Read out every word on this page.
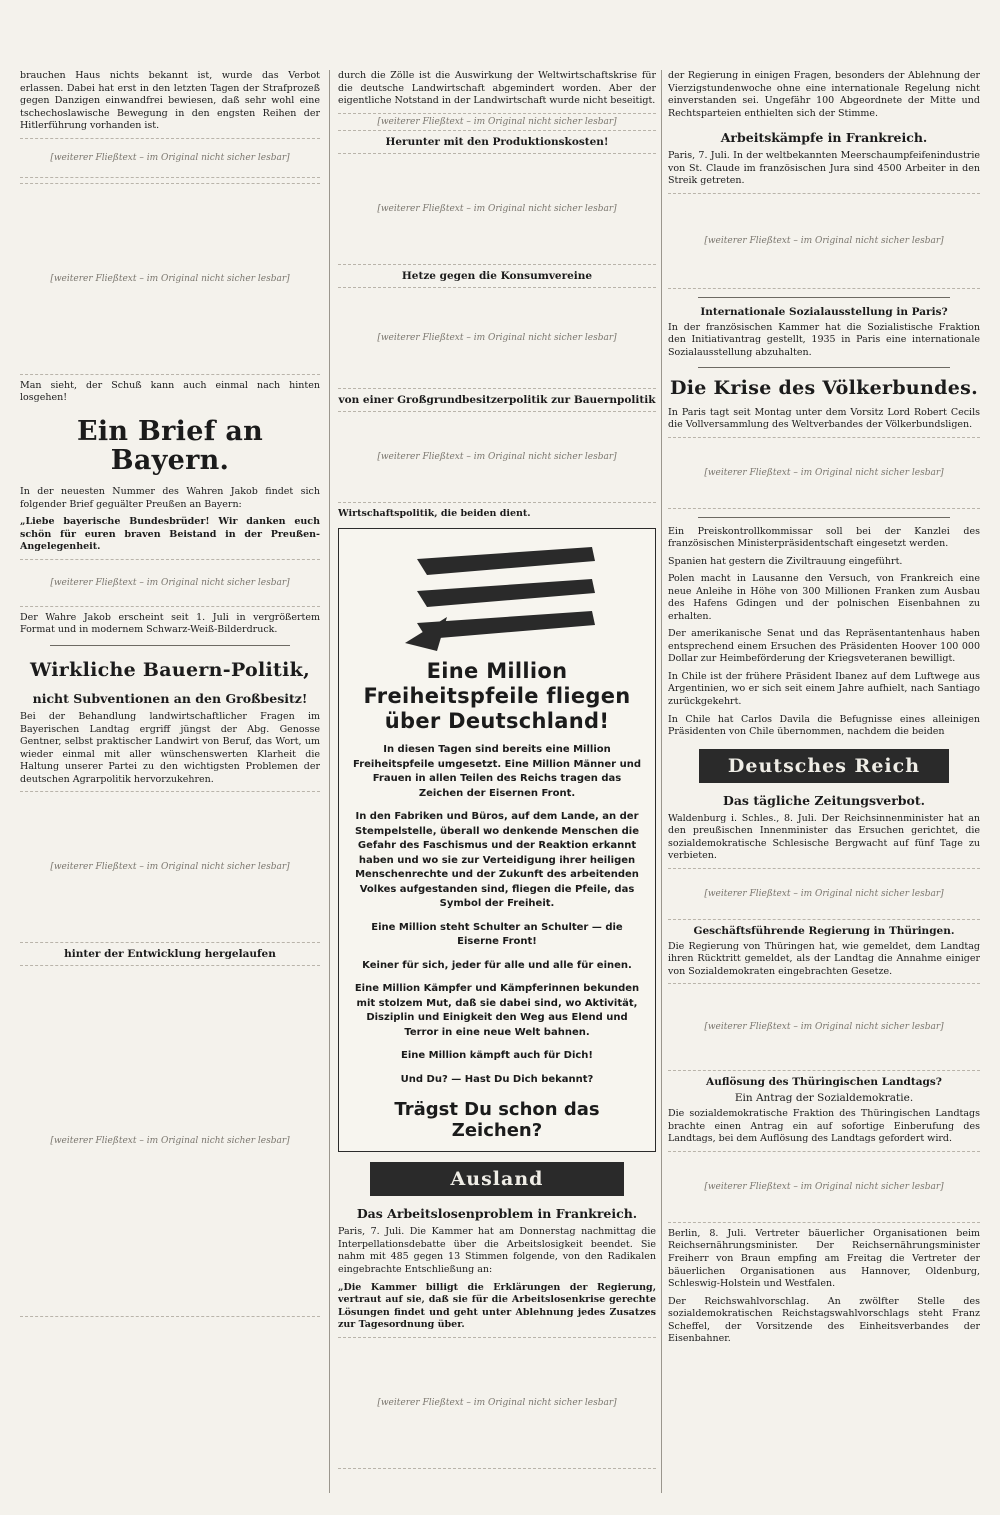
brauchen Haus nichts bekannt ist, wurde das Verbot erlassen. Dabei hat erst in den letzten Tagen der Strafprozeß gegen Danzigen einwandfrei bewiesen, daß sehr wohl eine tschechoslawische Bewegung in den engsten Reihen der Hitlerführung vorhanden ist.

[weiterer Fließtext – im Original nicht sicher lesbar]
[weiterer Fließtext – im Original nicht sicher lesbar]

Man sieht, der Schuß kann auch einmal nach hinten losgehen!

Ein Brief an Bayern.

In der neuesten Nummer des Wahren Jakob findet sich folgender Brief geguälter Preußen an Bayern:

„Liebe bayerische Bundesbrüder! Wir danken euch schön für euren braven Beistand in der Preußen-Angelegenheit.

[weiterer Fließtext – im Original nicht sicher lesbar]

Der Wahre Jakob erscheint seit 1. Juli in vergrößertem Format und in modernem Schwarz-Weiß-Bilderdruck.

Wirkliche Bauern-Politik,
nicht Subventionen an den Großbesitz!

Bei der Behandlung landwirtschaftlicher Fragen im Bayerischen Landtag ergriff jüngst der Abg. Genosse Gentner, selbst praktischer Landwirt von Beruf, das Wort, um wieder einmal mit aller wünschenswerten Klarheit die Haltung unserer Partei zu den wichtigsten Problemen der deutschen Agrarpolitik hervorzukehren.

[weiterer Fließtext – im Original nicht sicher lesbar]
hinter der Entwicklung hergelaufen
[weiterer Fließtext – im Original nicht sicher lesbar]

durch die Zölle ist die Auswirkung der Weltwirtschaftskrise für die deutsche Landwirtschaft abgemindert worden. Aber der eigentliche Notstand in der Landwirtschaft wurde nicht beseitigt.

[weiterer Fließtext – im Original nicht sicher lesbar]
Herunter mit den Produktionskosten!
[weiterer Fließtext – im Original nicht sicher lesbar]
Hetze gegen die Konsumvereine
[weiterer Fließtext – im Original nicht sicher lesbar]
von einer Großgrundbesitzerpolitik zur Bauernpolitik
[weiterer Fließtext – im Original nicht sicher lesbar]

Wirtschaftspolitik, die beiden dient.

Eine Million Freiheitspfeile fliegen über Deutschland!

In diesen Tagen sind bereits eine Million Freiheitspfeile umgesetzt. Eine Million Männer und Frauen in allen Teilen des Reichs tragen das Zeichen der Eisernen Front.

In den Fabriken und Büros, auf dem Lande, an der Stempelstelle, überall wo denkende Menschen die Gefahr des Faschismus und der Reaktion erkannt haben und wo sie zur Verteidigung ihrer heiligen Menschenrechte und der Zukunft des arbeitenden Volkes aufgestanden sind, fliegen die Pfeile, das Symbol der Freiheit.

Eine Million steht Schulter an Schulter — die Eiserne Front!

Keiner für sich, jeder für alle und alle für einen.

Eine Million Kämpfer und Kämpferinnen bekunden mit stolzem Mut, daß sie dabei sind, wo Aktivität, Disziplin und Einigkeit den Weg aus Elend und Terror in eine neue Welt bahnen.

Eine Million kämpft auch für Dich!

Und Du? — Hast Du Dich bekannt?

Trägst Du schon das Zeichen?
Ausland
Das Arbeitslosenproblem in Frankreich.

Paris, 7. Juli. Die Kammer hat am Donnerstag nachmittag die Interpellationsdebatte über die Arbeitslosigkeit beendet. Sie nahm mit 485 gegen 13 Stimmen folgende, von den Radikalen eingebrachte Entschließung an:

„Die Kammer billigt die Erklärungen der Regierung, vertraut auf sie, daß sie für die Arbeitslosenkrise gerechte Lösungen findet und geht unter Ablehnung jedes Zusatzes zur Tagesordnung über.

[weiterer Fließtext – im Original nicht sicher lesbar]

der Regierung in einigen Fragen, besonders der Ablehnung der Vierzigstundenwoche ohne eine internationale Regelung nicht einverstanden sei. Ungefähr 100 Abgeordnete der Mitte und Rechtsparteien enthielten sich der Stimme.

Arbeitskämpfe in Frankreich.

Paris, 7. Juli. In der weltbekannten Meerschaumpfeifenindustrie von St. Claude im französischen Jura sind 4500 Arbeiter in den Streik getreten.

[weiterer Fließtext – im Original nicht sicher lesbar]
Internationale Sozialausstellung in Paris?

In der französischen Kammer hat die Sozialistische Fraktion den Initiativantrag gestellt, 1935 in Paris eine internationale Sozialausstellung abzuhalten.

Die Krise des Völkerbundes.

In Paris tagt seit Montag unter dem Vorsitz Lord Robert Cecils die Vollversammlung des Weltverbandes der Völkerbundsligen.

[weiterer Fließtext – im Original nicht sicher lesbar]

Ein Preiskontrollkommissar soll bei der Kanzlei des französischen Ministerpräsidentschaft eingesetzt werden.

Spanien hat gestern die Ziviltrauung eingeführt.

Polen macht in Lausanne den Versuch, von Frankreich eine neue Anleihe in Höhe von 300 Millionen Franken zum Ausbau des Hafens Gdingen und der polnischen Eisenbahnen zu erhalten.

Der amerikanische Senat und das Repräsentantenhaus haben entsprechend einem Ersuchen des Präsidenten Hoover 100 000 Dollar zur Heimbeförderung der Kriegsveteranen bewilligt.

In Chile ist der frühere Präsident Ibanez auf dem Luftwege aus Argentinien, wo er sich seit einem Jahre aufhielt, nach Santiago zurückgekehrt.

In Chile hat Carlos Davila die Befugnisse eines alleinigen Präsidenten von Chile übernommen, nachdem die beiden

Deutsches Reich
Das tägliche Zeitungsverbot.

Waldenburg i. Schles., 8. Juli. Der Reichsinnenminister hat an den preußischen Innenminister das Ersuchen gerichtet, die sozialdemokratische Schlesische Bergwacht auf fünf Tage zu verbieten.

[weiterer Fließtext – im Original nicht sicher lesbar]
Geschäftsführende Regierung in Thüringen.

Die Regierung von Thüringen hat, wie gemeldet, dem Landtag ihren Rücktritt gemeldet, als der Landtag die Annahme einiger von Sozialdemokraten eingebrachten Gesetze.

[weiterer Fließtext – im Original nicht sicher lesbar]
Auflösung des Thüringischen Landtags?
Ein Antrag der Sozialdemokratie.

Die sozialdemokratische Fraktion des Thüringischen Landtags brachte einen Antrag ein auf sofortige Einberufung des Landtags, bei dem Auflösung des Landtags gefordert wird.

[weiterer Fließtext – im Original nicht sicher lesbar]

Berlin, 8. Juli. Vertreter bäuerlicher Organisationen beim Reichsernährungsminister. Der Reichsernährungsminister Freiherr von Braun empfing am Freitag die Vertreter der bäuerlichen Organisationen aus Hannover, Oldenburg, Schleswig-Holstein und Westfalen.

Der Reichswahlvorschlag. An zwölfter Stelle des sozialdemokratischen Reichstagswahlvorschlags steht Franz Scheffel, der Vorsitzende des Einheitsverbandes der Eisenbahner.
